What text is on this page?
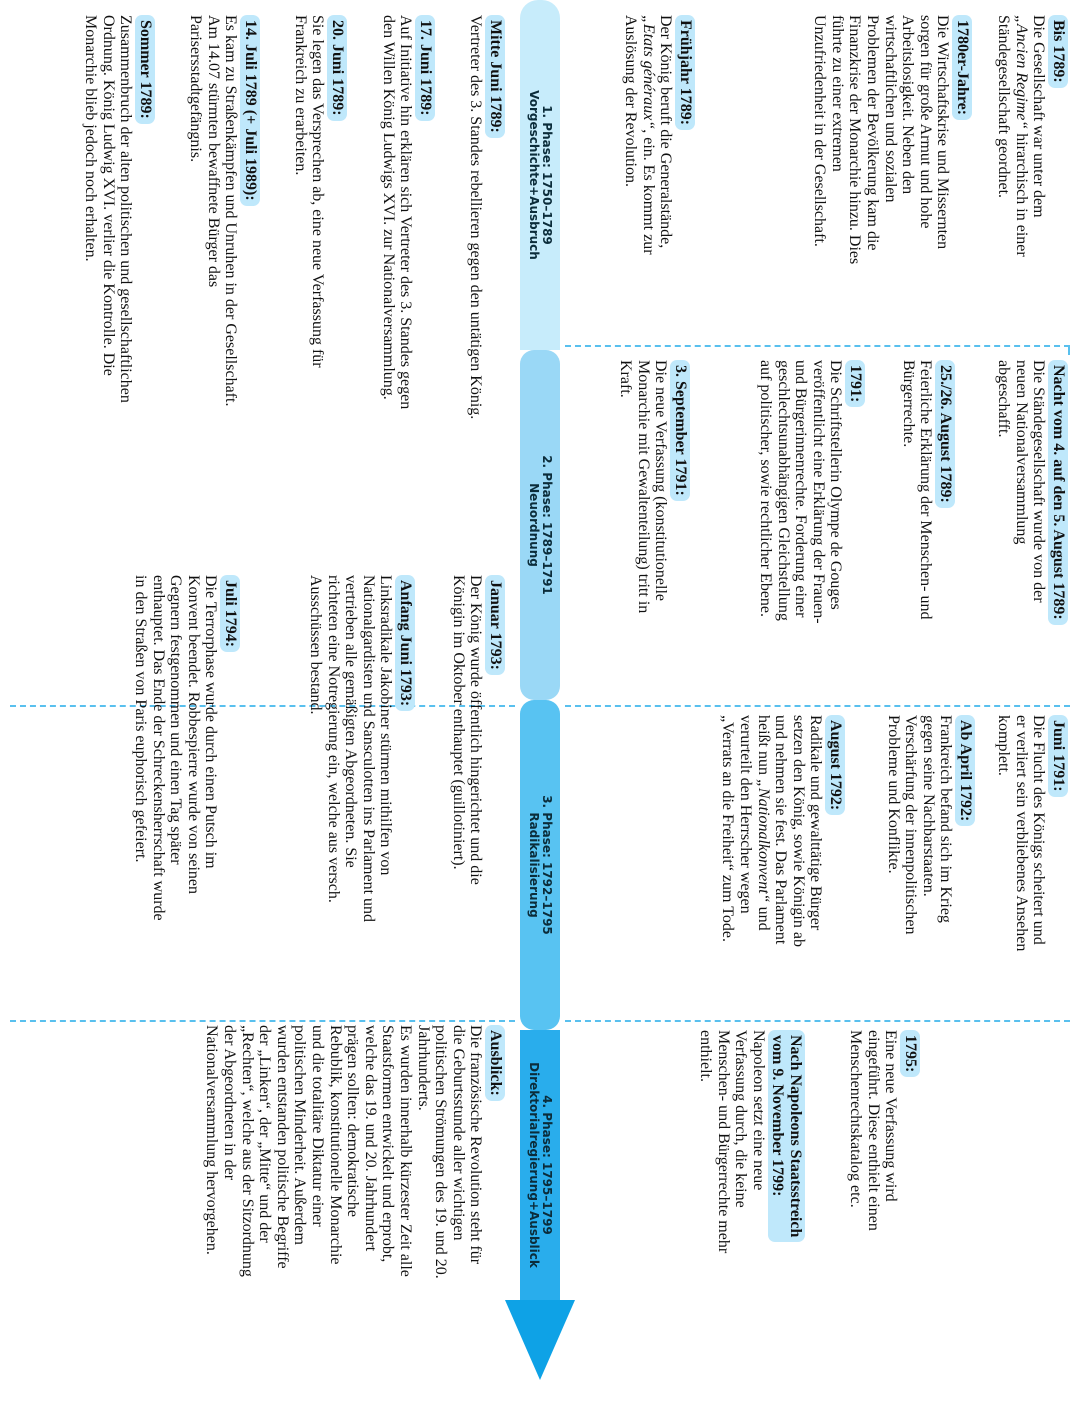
1. Phase: 1750–1789
Vorgeschichte+Ausbruch
2. Phase: 1789–1791
Neuordnung
3. Phase: 1792–1795
Radikalisierung
4. Phase: 1795–1799
Direktorialregierung+Ausblick
Bis 1789:
Die Gesellschaft war unter dem
„Ancien Regime“ hirarchisch in einer
Ständegesellschaft geordnet.
1780er-Jahre:
Die Wirtschaftskrise und Missernten
sorgen für große Armut und hohe
Arbeitslosigkeit. Neben den
wirtschaftlichen und sozialen
Problemen der Bevölkerung kam die
Finanzkrise der Monarchie hinzu. Dies
führte zu einer extremen
Unzufriedenheit in der Gesellschaft.
Frühjahr 1789:
Der König beruft die Generalstände,
„Etats généraux“, ein. Es kommt zur
Auslösung der Revolution.
Mitte Juni 1789:
Vertreter des 3. Standes rebellieren gegen den untätigen König.
17. Juni 1789:
Auf Initiative hin erklären sich Vertreter des 3. Standes gegen
den Willen König Ludwigs XVI. zur Nationalversammlung.
20. Juni 1789:
Sie legen das Versprechen ab, eine neue Verfassung für
Frankreich zu erarbeiten.
14. Juli 1789 (+ Juli 1989):
Es kam zu Straßenkämpfen und Unruhen in der Gesellschaft.
Am 14.07 stürmten bewaffnete Bürger das
Parisersstadtgefängnis.
Sommer 1789:
Zusammenbruch der alten politischen und gesellschaftlichen
Ordnung. König Ludwig XVI. verlier die Kontrolle. Die
Monarchie blieb jedoch noch erhalten.
Nacht vom 4. auf den 5. August 1789:
Die Ständegesellschaft wurde von der
neuen Nationalversammlung
abgeschafft.
25./26. August 1789:
Feierliche Erklärung der Menschen- und
Bürgerrechte.
1791:
Die Schriftstellerin Olympe de Gouges
veröffentlicht eine Erklärung der Frauen-
und Bürgerinnenrechte. Forderung einer
geschlechtsunabhängigen Gleichstellung
auf politischer, sowie rechtlicher Ebene.
3. September 1791:
Die neue Verfassung (konstitutionelle
Monarchie mit Gewaltenteilung) tritt in
Kraft.
Juni 1791:
Die Flucht des Königs scheitert und
er verliert sein verbliebenes Ansehen
komplett.
Ab April 1792:
Frankreich befand sich im Krieg
gegen seine Nachbarstaaten.
Verschärfung der innenpolitischen
Probleme und Konflikte.
August 1792:
Radikale und gewalttätige Bürger
setzen den König, sowie Königin ab
und nehmen sie fest. Das Parlament
heißt nun „Nationalkonvent“ und
verurteilt den Herrscher wegen
„Verrats an die Freiheit“ zum Tode.
Januar 1793:
Der König wurde öffentlich hingerichtet und die
Königin im Oktober enthauptet (guillotiniert).
Anfang Juni 1793:
Linksradikale Jakobiner stürmen mithilfen von
Nationalgardisten und Sansculotten ins Parlament und
vertrieben alle gemäßigten Abgeordneten. Sie
richteten eine Notregierung ein, welche aus versch.
Ausschüssen bestand.
Juli 1794:
Die Terrorphase wurde durch einen Putsch im
Konvent beendet. Robbespierre wurde von seinen
Gegnern festgenommen und einen Tag später
enthauptet. Das Ende der Schreckensherrschaft wurde
in den Straßen von Paris euphorisch gefeiert.
1795:
Eine neue Verfassung wird
eingeführt. Diese enthielt einen
Menschenrechtskatalog etc.
Nach Napoleons Staatsstreich
vom 9. November 1799:
Napoleon setzt eine neue
Verfassung durch, die keine
Menschen- und Bürgerrechte mehr
enthielt.
Ausblick:
Die französische Revolution steht für
die Geburtsstunde aller wichtigen
politischen Strömungen des 19. und 20.
Jahrhunderts.
Es wurden innerhalb kürzester Zeit alle
Staatsformen entwickelt und erprobt,
welche das 19. und 20. Jahrhundert
prägen sollten: demokratische
Rebublik, konstitutionelle Monarchie
und die totalitäre Diktatur einer
politischen Minderheit. Außerdem
wurden entstanden politische Begriffe
der „Linken“, der „Mitte“ und der
„Rechten“, welche aus der Sitzordnung
der Abgeordneten in der
Nationalversammlung hervorgehen.
